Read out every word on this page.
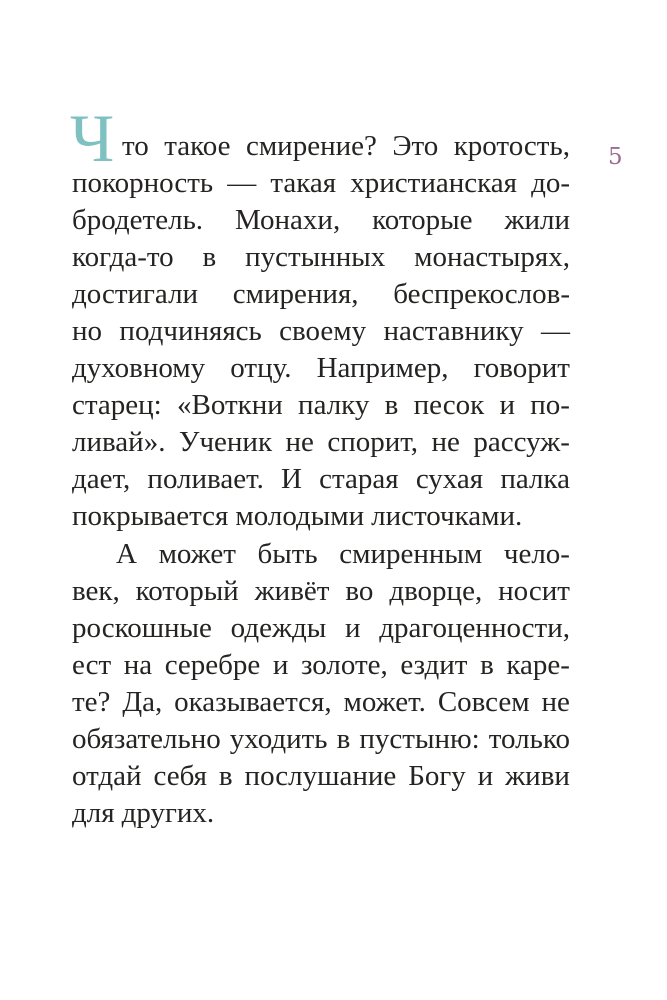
5
Ч то такое смирение? Это кротость,
покорность — такая христианская до-
бродетель. Монахи, которые жили
когда-то в пустынных монастырях,
достигали смирения, беспрекослов-
но подчиняясь своему наставнику —
духовному отцу. Например, говорит
старец: «Воткни палку в песок и по-
ливай». Ученик не спорит, не рассуж-
дает, поливает. И старая сухая палка
покрывается молодыми листочками.
А может быть смиренным чело-
век, который живёт во дворце, носит
роскошные одежды и драгоценности,
ест на серебре и золоте, ездит в каре-
те? Да, оказывается, может. Совсем не
обязательно уходить в пустыню: только
отдай себя в послушание Богу и живи
для других.
